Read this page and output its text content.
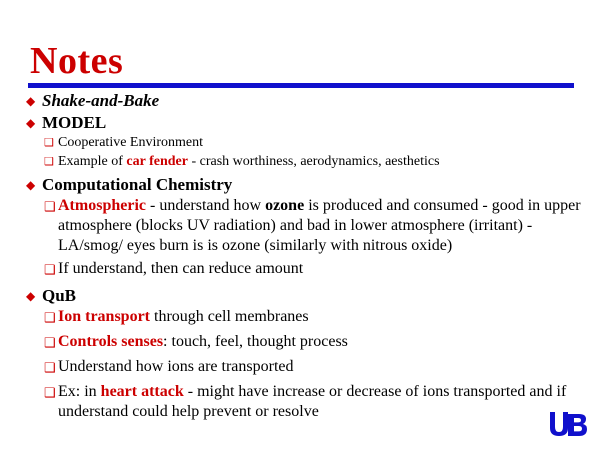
Notes
◆ Shake-and-Bake
◆ MODEL
❑ Cooperative Environment
❑ Example of car fender - crash worthiness, aerodynamics, aesthetics
◆ Computational Chemistry
❑ Atmospheric - understand how ozone is produced and consumed - good in upper atmosphere (blocks UV radiation) and bad in lower atmosphere (irritant) - LA/smog/ eyes burn is is ozone (similarly with nitrous oxide)
❑ If understand, then can reduce amount
◆ QuB
❑ Ion transport through cell membranes
❑ Controls senses: touch, feel, thought process
❑ Understand how ions are transported
❑ Ex: in heart attack - might have increase or decrease of ions transported and if understand could help prevent or resolve
